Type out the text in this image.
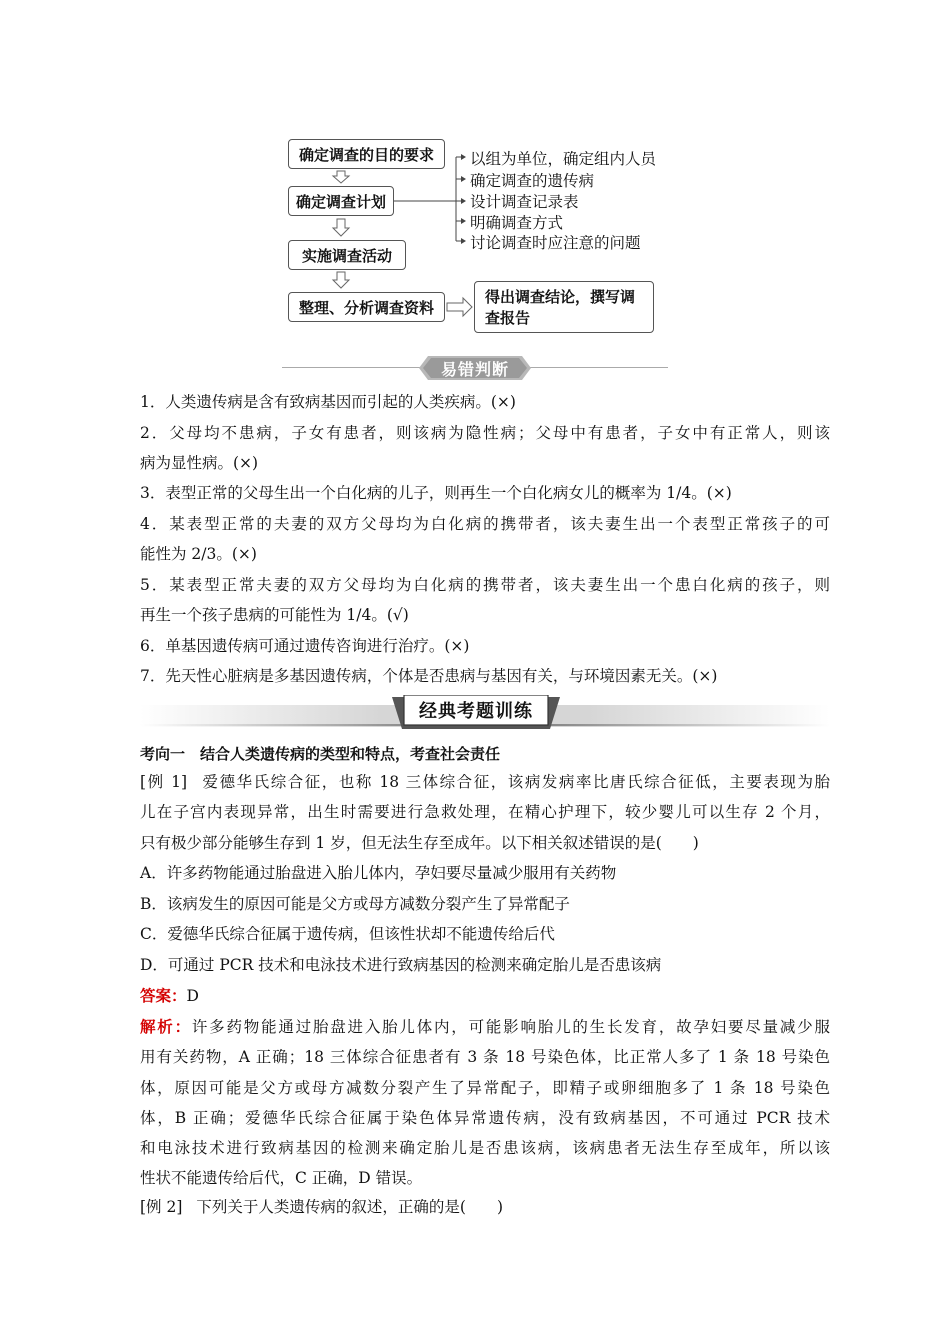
确定调查的目的要求
确定调查计划
实施调查活动
整理、分析调查资料
以组为单位，确定组内人员
确定调查的遗传病
设计调查记录表
明确调查方式
讨论调查时应注意的问题
得出调查结论，撰写调
查报告
易错判断
1．人类遗传病是含有致病基因而引起的人类疾病。(×)
2．父母均不患病，子女有患者，则该病为隐性病；父母中有患者，子女中有正常人，则该
病为显性病。(×)
3．表型正常的父母生出一个白化病的儿子，则再生一个白化病女儿的概率为 1/4。(×)
4．某表型正常的夫妻的双方父母均为白化病的携带者，该夫妻生出一个表型正常孩子的可
能性为 2/3。(×)
5．某表型正常夫妻的双方父母均为白化病的携带者，该夫妻生出一个患白化病的孩子，则
再生一个孩子患病的可能性为 1/4。(√)
6．单基因遗传病可通过遗传咨询进行治疗。(×)
7．先天性心脏病是多基因遗传病，个体是否患病与基因有关，与环境因素无关。(×)
经典考题训练
考向一　结合人类遗传病的类型和特点，考查社会责任
[例 1] 爱德华氏综合征，也称 18 三体综合征，该病发病率比唐氏综合征低，主要表现为胎
儿在子宫内表现异常，出生时需要进行急救处理，在精心护理下，较少婴儿可以生存 2 个月，
只有极少部分能够生存到 1 岁，但无法生存至成年。以下相关叙述错误的是(　　)
A．许多药物能通过胎盘进入胎儿体内，孕妇要尽量减少服用有关药物
B．该病发生的原因可能是父方或母方减数分裂产生了异常配子
C．爱德华氏综合征属于遗传病，但该性状却不能遗传给后代
D．可通过 PCR 技术和电泳技术进行致病基因的检测来确定胎儿是否患该病
答案：D
解析：许多药物能通过胎盘进入胎儿体内，可能影响胎儿的生长发育，故孕妇要尽量减少服
用有关药物，A 正确；18 三体综合征患者有 3 条 18 号染色体，比正常人多了 1 条 18 号染色
体，原因可能是父方或母方减数分裂产生了异常配子，即精子或卵细胞多了 1 条 18 号染色
体，B 正确；爱德华氏综合征属于染色体异常遗传病，没有致病基因，不可通过 PCR 技术
和电泳技术进行致病基因的检测来确定胎儿是否患该病，该病患者无法生存至成年，所以该
性状不能遗传给后代，C 正确，D 错误。
[例 2] 下列关于人类遗传病的叙述，正确的是(　　)
